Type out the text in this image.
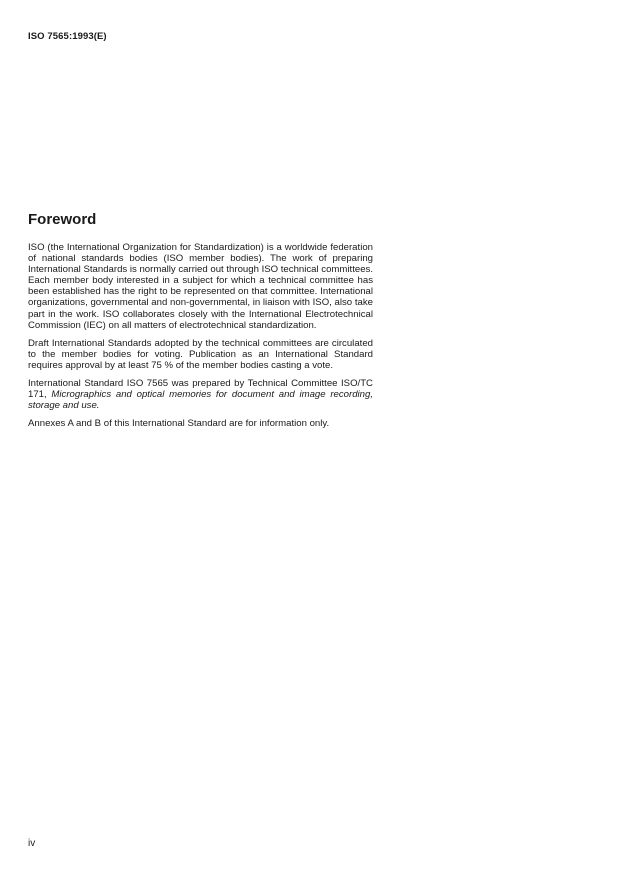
ISO 7565:1993(E)
Foreword

ISO (the International Organization for Standardization) is a worldwide federation of national standards bodies (ISO member bodies). The work of preparing International Standards is normally carried out through ISO technical committees. Each member body interested in a subject for which a technical committee has been established has the right to be represented on that committee. International organizations, governmental and non-governmental, in liaison with ISO, also take part in the work. ISO collaborates closely with the International Electrotechnical Commission (IEC) on all matters of electrotechnical standardization.

Draft International Standards adopted by the technical committees are circulated to the member bodies for voting. Publication as an International Standard requires approval by at least 75 % of the member bodies casting a vote.

International Standard ISO 7565 was prepared by Technical Committee ISO/TC 171, Micrographics and optical memories for document and image recording, storage and use.

Annexes A and B of this International Standard are for information only.

iv
